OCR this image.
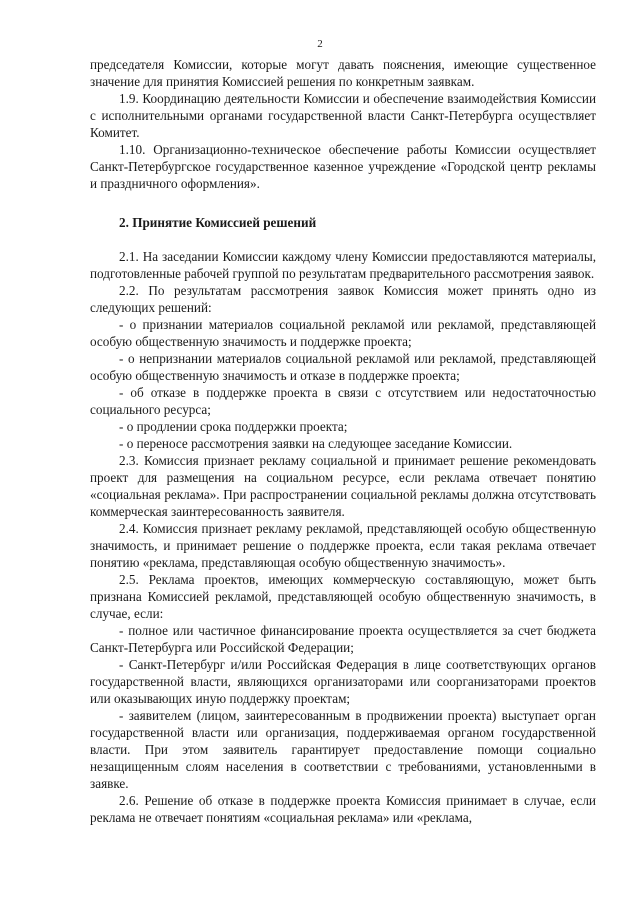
2

председателя Комиссии, которые могут давать пояснения, имеющие существенное значение для принятия Комиссией решения по конкретным заявкам.

1.9. Координацию деятельности Комиссии и обеспечение взаимодействия Комиссии с исполнительными органами государственной власти Санкт-Петербурга осуществляет Комитет.

1.10. Организационно-техническое обеспечение работы Комиссии осуществляет Санкт-Петербургское государственное казенное учреждение «Городской центр рекламы и праздничного оформления».

2. Принятие Комиссией решений

2.1. На заседании Комиссии каждому члену Комиссии предоставляются материалы, подготовленные рабочей группой по результатам предварительного рассмотрения заявок.

2.2. По результатам рассмотрения заявок Комиссия может принять одно из следующих решений:

- о признании материалов социальной рекламой или рекламой, представляющей особую общественную значимость и поддержке проекта;

- о непризнании материалов социальной рекламой или рекламой, представляющей особую общественную значимость и отказе в поддержке проекта;

- об отказе в поддержке проекта в связи с отсутствием или недостаточностью социального ресурса;

- о продлении срока поддержки проекта;

- о переносе рассмотрения заявки на следующее заседание Комиссии.

2.3. Комиссия признает рекламу социальной и принимает решение рекомендовать проект для размещения на социальном ресурсе, если реклама отвечает понятию «социальная реклама». При распространении социальной рекламы должна отсутствовать коммерческая заинтересованность заявителя.

2.4. Комиссия признает рекламу рекламой, представляющей особую общественную значимость, и принимает решение о поддержке проекта, если такая реклама отвечает понятию «реклама, представляющая особую общественную значимость».

2.5. Реклама проектов, имеющих коммерческую составляющую, может быть признана Комиссией рекламой, представляющей особую общественную значимость, в случае, если:

- полное или частичное финансирование проекта осуществляется за счет бюджета Санкт-Петербурга или Российской Федерации;

- Санкт-Петербург и/или Российская Федерация в лице соответствующих органов государственной власти, являющихся организаторами или соорганизаторами проектов или оказывающих иную поддержку проектам;

- заявителем (лицом, заинтересованным в продвижении проекта) выступает орган государственной власти или организация, поддерживаемая органом государственной власти. При этом заявитель гарантирует предоставление помощи социально незащищенным слоям населения в соответствии с требованиями, установленными в заявке.

2.6. Решение об отказе в поддержке проекта Комиссия принимает в случае, если реклама не отвечает понятиям «социальная реклама» или «реклама,
